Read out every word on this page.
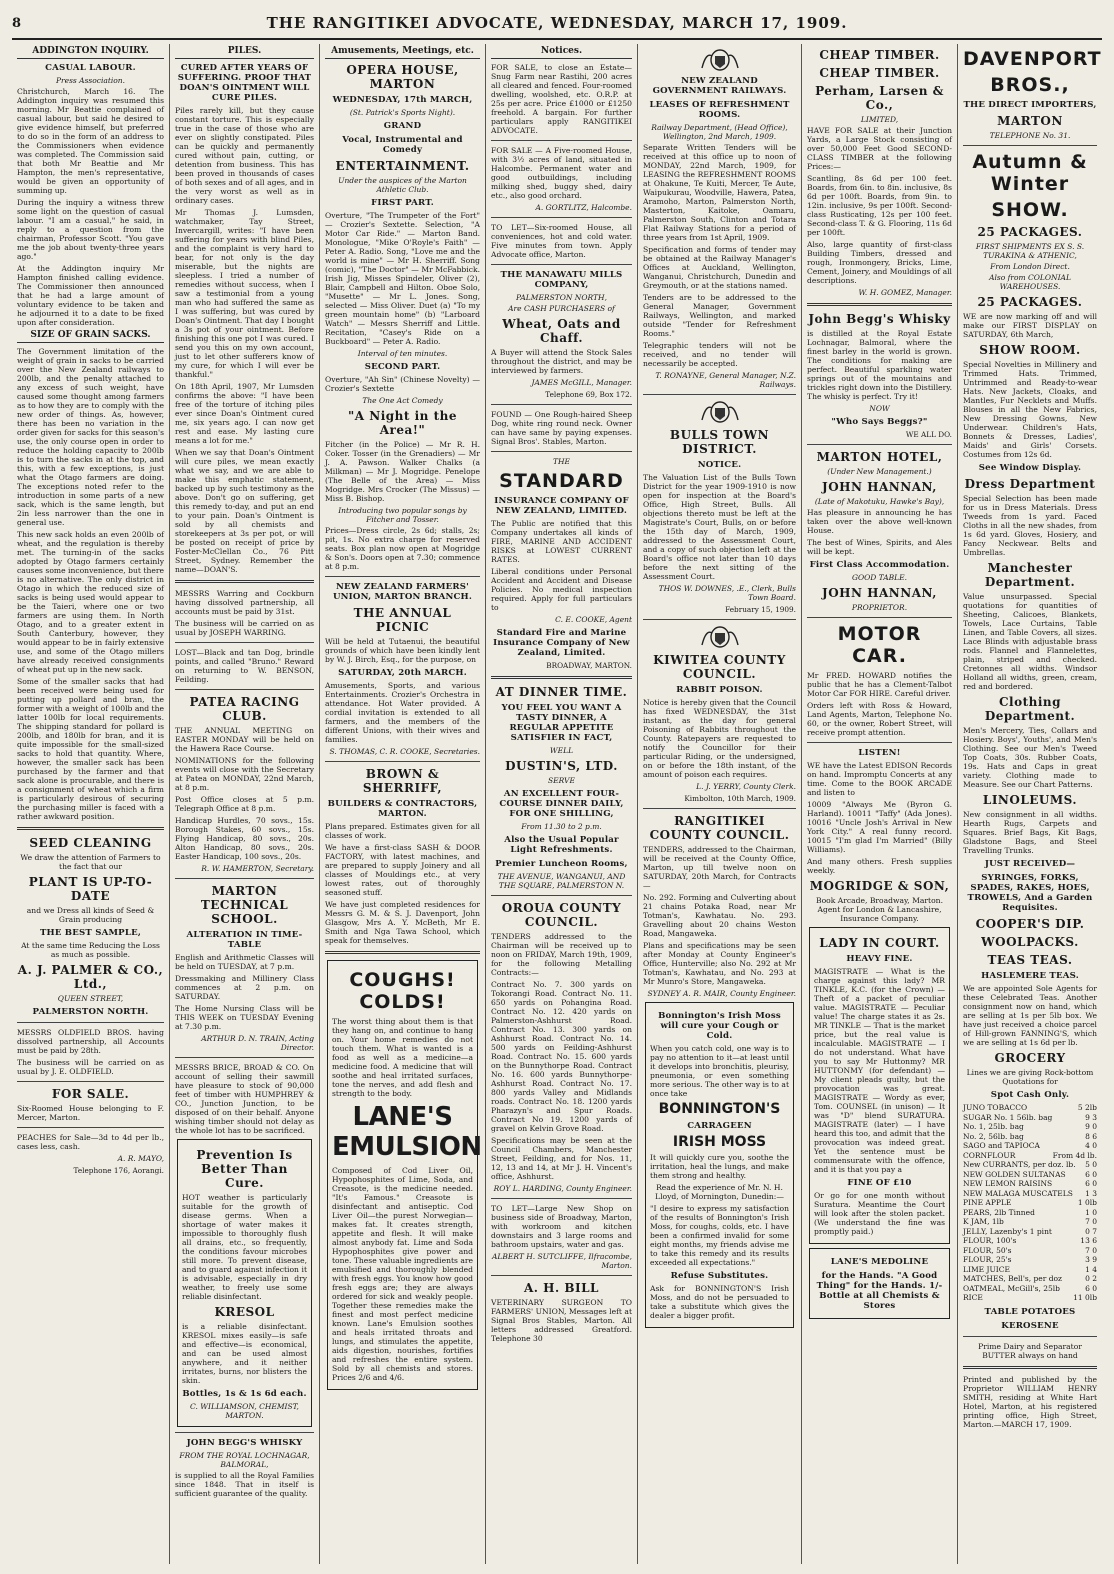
8	THE RANGITIKEI ADVOCATE, WEDNESDAY, MARCH 17, 1909.
ADDINGTON INQUIRY.
CASUAL LABOUR.
Press Association.

Christchurch, March 16. The Addington inquiry was resumed this morning. Mr Beattie complained of casual labour, but said he desired to give evidence himself, but preferred to do so in the form of an address to the Commissioners when evidence was completed. The Commission said that both Mr Beattie and Mr Hampton, the men's representative, would be given an opportunity of summing up.

During the inquiry a witness threw some light on the question of casual labour. "I am a casual," he said, in reply to a question from the chairman, Professor Scott. "You gave me the job about twenty-three years ago."

At the Addington inquiry Mr Hampton finished calling evidence. The Commissioner then announced that he had a large amount of voluntary evidence to be taken and he adjourned it to a date to be fixed upon after consideration.

SIZE OF GRAIN SACKS.

The Government limitation of the weight of grain in sacks to be carried over the New Zealand railways to 200lb, and the penalty attached to any excess of such weight, have caused some thought among farmers as to how they are to comply with the new order of things. As, however, there has been no variation in the order given for sacks for this season's use, the only course open in order to reduce the holding capacity to 200lb is to turn the sacks in at the top, and this, with a few exceptions, is just what the Otago farmers are doing. The exceptions noted refer to the introduction in some parts of a new sack, which is the same length, but 2in less narrower than the one in general use.

This new sack holds an even 200lb of wheat, and the regulation is thereby met. The turning-in of the sacks adopted by Otago farmers certainly causes some inconvenience, but there is no alternative. The only district in Otago in which the reduced size of sacks is being used would appear to be the Taieri, where one or two farmers are using them. In North Otago, and to a greater extent in South Canterbury, however, they would appear to be in fairly extensive use, and some of the Otago millers have already received consignments of wheat put up in the new sack.

Some of the smaller sacks that had been received were being used for putting up pollard and bran, the former with a weight of 100lb and the latter 100lb for local requirements. The shipping standard for pollard is 200lb, and 180lb for bran, and it is quite impossible for the small-sized sacks to hold that quantity. Where, however, the smaller sack has been purchased by the farmer and that sack alone is procurable, and there is a consignment of wheat which a firm is particularly desirous of securing the purchasing miller is faced with a rather awkward position.

SEED CLEANING

We draw the attention of Farmers to the fact that our

PLANT IS UP-TO-DATE

and we Dress all kinds of Seed & Grain producing

THE BEST SAMPLE,

At the same time Reducing the Loss as much as possible.

A. J. PALMER & CO., Ltd.,
QUEEN STREET,
PALMERSTON NORTH.

MESSRS OLDFIELD BROS. having dissolved partnership, all Accounts must be paid by 28th.

The business will be carried on as usual by J. E. OLDFIELD.

FOR SALE.

Six-Roomed House belonging to F. Mercer, Marton.

PEACHES for Sale—3d to 4d per lb., cases less, cash.

A. R. MAYO,
Telephone 176, Aorangi.
PILES.
CURED AFTER YEARS OF SUFFERING. PROOF THAT DOAN'S OINTMENT WILL CURE PILES.

Piles rarely kill, but they cause constant torture. This is especially true in the case of those who are ever on slightly constipated. Piles can be quickly and permanently cured without pain, cutting, or detention from business. This has been proved in thousands of cases of both sexes and of all ages, and in the very worst as well as in ordinary cases.

Mr Thomas J. Lumsden, watchmaker, Tay Street, Invercargill, writes: "I have been suffering for years with blind Piles, and the complaint is very hard to bear, for not only is the day miserable, but the nights are sleepless. I tried a number of remedies without success, when I saw a testimonial from a young man who had suffered the same as I was suffering, but was cured by Doan's Ointment. That day I bought a 3s pot of your ointment. Before finishing this one pot I was cured. I send you this on my own account, just to let other sufferers know of my cure, for which I will ever be thankful."

On 18th April, 1907, Mr Lumsden confirms the above: "I have been free of the torture of itching piles ever since Doan's Ointment cured me, six years ago. I can now get rest and ease. My lasting cure means a lot for me."

When we say that Doan's Ointment will cure piles, we mean exactly what we say, and we are able to make this emphatic statement, backed up by such testimony as the above. Don't go on suffering, get this remedy to-day, and put an end to your pain. Doan's Ointment is sold by all chemists and storekeepers at 3s per pot, or will be posted on receipt of price by Foster-McClellan Co., 76 Pitt Street, Sydney. Remember the name—DOAN'S.

MESSRS Warring and Cockburn having dissolved partnership, all accounts must be paid by 31st.

The business will be carried on as usual by JOSEPH WARRING.

LOST—Black and tan Dog, brindle points, and called "Bruno." Reward on returning to W. BENSON, Feilding.

PATEA RACING CLUB.

THE ANNUAL MEETING on EASTER MONDAY will be held on the Hawera Race Course.

NOMINATIONS for the following events will close with the Secretary at Patea on MONDAY, 22nd March, at 8 p.m.

Post Office closes at 5 p.m. Telegraph Office at 8 p.m.

Handicap Hurdles, 70 sovs., 15s. Borough Stakes, 60 sovs., 15s. Flying Handicap, 80 sovs., 20s. Alton Handicap, 80 sovs., 20s. Easter Handicap, 100 sovs., 20s.

R. W. HAMERTON, Secretary.
MARTON TECHNICAL SCHOOL.
ALTERATION IN TIME-TABLE

English and Arithmetic Classes will be held on TUESDAY, at 7 p.m.

Dressmaking and Millinery Class commences at 2 p.m. on SATURDAY.

The Home Nursing Class will be THIS WEEK on TUESDAY Evening at 7.30 p.m.

ARTHUR D. N. TRAIN, Acting Director.

MESSRS BRICE, BROAD & CO. On account of selling their sawmill have pleasure to stock of 90,000 feet of timber with HUMPHREY & CO., Junction Junction, to be disposed of on their behalf. Anyone wishing timber should not delay as the whole lot has to be sacrificed.

Prevention Is Better Than Cure.

HOT weather is particularly suitable for the growth of disease germs. When a shortage of water makes it impossible to thoroughly flush all drains, etc., so frequently, the conditions favour microbes still more. To prevent disease, and to guard against infection it is advisable, especially in dry weather, to freely use some reliable disinfectant.

KRESOL

is a reliable disinfectant. KRESOL mixes easily—is safe and effective—is economical, and can be used almost anywhere, and it neither irritates, burns, nor blisters the skin.

Bottles, 1s & 1s 6d each.
C. WILLIAMSON, CHEMIST, MARTON.
JOHN BEGG'S WHISKY
FROM THE ROYAL LOCHNAGAR, BALMORAL,

is supplied to all the Royal Families since 1848. That in itself is sufficient guarantee of the quality.

Amusements, Meetings, etc.
OPERA HOUSE, MARTON
WEDNESDAY, 17th MARCH,
(St. Patrick's Sports Night).
GRAND
Vocal, Instrumental and Comedy
ENTERTAINMENT.
Under the auspices of the Marton Athletic Club.
FIRST PART.

Overture, "The Trumpeter of the Fort" — Crozier's Sextette. Selection, "A Motor Car Ride." — Marton Band. Monologue, "Mike O'Royle's Faith" — Peter A. Radio. Song, "Love me and the world is mine" — Mr H. Sherriff. Song (comic), "The Doctor" — Mr McFabbick. Irish Jig, Misses Spindeler, Oliver (2), Blair, Campbell and Hilton. Oboe Solo, "Musette" — Mr L. Jones. Song, selected — Miss Oliver. Duet (a) "To my green mountain home" (b) "Larboard Watch" — Messrs Sherriff and Little. Recitation, "Casey's Ride on a Buckboard" — Peter A. Radio.

Interval of ten minutes.
SECOND PART.

Overture, "Ah Sin" (Chinese Novelty) — Crozier's Sextette

The One Act Comedy
"A Night in the Area!"

Fitcher (in the Police) — Mr R. H. Coker. Tosser (in the Grenadiers) — Mr J. A. Pawson. Walker Chalks (a Milkman) — Mr J. Mogridge. Penelope (The Belle of the Area) — Miss Mogridge. Mrs Crocker (The Missus) — Miss B. Bishop.

Introducing two popular songs by Fitcher and Tosser.

Prices—Dress circle, 2s 6d; stalls, 2s; pit, 1s. No extra charge for reserved seats. Box plan now open at Mogridge & Son's. Doors open at 7.30; commence at 8 p.m.

NEW ZEALAND FARMERS' UNION, MARTON BRANCH.
THE ANNUAL PICNIC

Will be held at Tutaenui, the beautiful grounds of which have been kindly lent by W. J. Birch, Esq., for the purpose, on

SATURDAY, 20th MARCH.

Amusements, Sports, and various Entertainments. Crozier's Orchestra in attendance. Hot Water provided. A cordial invitation is extended to all farmers, and the members of the different Unions, with their wives and families.

S. THOMAS, C. R. COOKE, Secretaries.
BROWN & SHERRIFF,
BUILDERS & CONTRACTORS, MARTON.

Plans prepared. Estimates given for all classes of work.

We have a first-class SASH & DOOR FACTORY, with latest machines, and are prepared to supply Joinery and all classes of Mouldings etc., at very lowest rates, out of thoroughly seasoned stuff.

We have just completed residences for Messrs G. M. & S. J. Davenport, John Glasgow, Mrs A. Y. McBeth, Mr E. Smith and Nga Tawa School, which speak for themselves.

COUGHS! COLDS!

The worst thing about them is that they hang on, and continue to hang on. Your home remedies do not touch them. What is wanted is a food as well as a medicine—a medicine food. A medicine that will soothe and heal irritated surfaces, tone the nerves, and add flesh and strength to the body.

LANE'S EMULSION

Composed of Cod Liver Oil, Hypophosphites of Lime, Soda, and Creasote, is the medicine needed. "It's Famous." Creasote is disinfectant and antiseptic. Cod Liver Oil—the purest Norwegian—makes fat. It creates strength, appetite and flesh. It will make almost anybody fat. Lime and Soda Hypophosphites give power and tone. These valuable ingredients are emulsified and thoroughly blended with fresh eggs. You know how good fresh eggs are; they are always ordered for sick and weakly people. Together these remedies make the finest and most perfect medicine known. Lane's Emulsion soothes and heals irritated throats and lungs, and stimulates the appetite, aids digestion, nourishes, fortifies and refreshes the entire system. Sold by all chemists and stores. Prices 2/6 and 4/6.

Notices.

FOR SALE, to close an Estate—Snug Farm near Rastihi, 200 acres all cleared and fenced. Four-roomed dwelling, woolshed, etc. O.R.P. at 25s per acre. Price £1000 or £1250 freehold. A bargain. For further particulars apply RANGITIKEI ADVOCATE.

FOR SALE — A Five-roomed House, with 3½ acres of land, situated in Halcombe. Permanent water and good outbuildings, including milking shed, buggy shed, dairy etc., also good orchard.

A. GORTLITZ, Halcombe.

TO LET—Six-roomed House, all conveniences, hot and cold water. Five minutes from town. Apply Advocate office, Marton.

THE MANAWATU MILLS COMPANY,
PALMERSTON NORTH,
Are CASH PURCHASERS of
Wheat, Oats and Chaff.

A Buyer will attend the Stock Sales throughout the district, and may be interviewed by farmers.

JAMES McGILL, Manager.
Telephone 69, Box 172.

FOUND — One Rough-haired Sheep Dog, white ring round neck. Owner can have same by paying expenses. Signal Bros'. Stables, Marton.

THE
STANDARD
INSURANCE COMPANY OF NEW ZEALAND, LIMITED.

The Public are notified that this Company undertakes all kinds of FIRE, MARINE AND ACCIDENT RISKS at LOWEST CURRENT RATES.

Liberal conditions under Personal Accident and Accident and Disease Policies. No medical inspection required. Apply for full particulars to

C. E. COOKE, Agent
Standard Fire and Marine Insurance Company of New Zealand, Limited.
BROADWAY, MARTON.
AT DINNER TIME.
YOU FEEL YOU WANT A TASTY DINNER, A REGULAR APPETITE SATISFIER IN FACT,
WELL
DUSTIN'S, LTD.
SERVE
AN EXCELLENT FOUR-COURSE DINNER DAILY, FOR ONE SHILLING,
From 11.30 to 2 p.m.
Also the Usual Popular Light Refreshments.
Premier Luncheon Rooms,
THE AVENUE, WANGANUI, AND THE SQUARE, PALMERSTON N.
OROUA COUNTY COUNCIL.

TENDERS addressed to the Chairman will be received up to noon on FRIDAY, March 19th, 1909, for the following Metalling Contracts:—

Contract No. 7. 300 yards on Tokorangi Road. Contract No. 11. 650 yards on Pohangina Road. Contract No. 12. 420 yards on Palmerston-Ashhurst Road. Contract No. 13. 300 yards on Ashhurst Road. Contract No. 14. 500 yards on Feilding-Ashhurst Road. Contract No. 15. 600 yards on the Bunnythorpe Road. Contract No. 16. 600 yards Bunnythorpe-Ashhurst Road. Contract No. 17. 800 yards Valley and Midlands roads. Contract No. 18. 1200 yards Pharazyn's and Spur Roads. Contract No 19. 1200 yards of gravel on Kelvin Grove Road.

Specifications may be seen at the Council Chambers, Manchester Street, Feilding, and for Nos. 11, 12, 13 and 14, at Mr J. H. Vincent's office, Ashhurst.

ROY L. HARDING, County Engineer.

TO LET—Large New Shop on business side of Broadway, Marton, with workroom and kitchen downstairs and 3 large rooms and bathroom upstairs, water and gas.

ALBERT H. SUTCLIFFE, Ilfracombe, Marton.
A. H. BILL

VETERINARY SURGEON TO FARMERS' UNION, Messages left at Signal Bros Stables, Marton. All letters addressed Greatford. Telephone 30

NEW ZEALAND GOVERNMENT RAILWAYS.
LEASES OF REFRESHMENT ROOMS.
Railway Department, (Head Office), Wellington, 2nd March, 1909.

Separate Written Tenders will be received at this office up to noon of MONDAY, 22nd March, 1909, for LEASING the REFRESHMENT ROOMS at Ohakune, Te Kuiti, Mercer, Te Aute, Waipukurau, Woodville, Hawera, Patea, Aramoho, Marton, Palmerston North, Masterton, Kaitoke, Oamaru, Palmerston South, Clinton and Totara Flat Railway Stations for a period of three years from 1st April, 1909.

Specification and forms of tender may be obtained at the Railway Manager's Offices at Auckland, Wellington, Wanganui, Christchurch, Dunedin and Greymouth, or at the stations named.

Tenders are to be addressed to the General Manager, Government Railways, Wellington, and marked outside "Tender for Refreshment Rooms."

Telegraphic tenders will not be received, and no tender will necessarily be accepted.

T. RONAYNE, General Manager, N.Z. Railways.
BULLS TOWN DISTRICT.
NOTICE.

The Valuation List of the Bulls Town District for the year 1909-1910 is now open for inspection at the Board's Office, High Street, Bulls. All objections thereto must be left at the Magistrate's Court, Bulls, on or before the 15th day of March, 1909, addressed to the Assessment Court, and a copy of such objection left at the Board's office not later than 10 days before the next sitting of the Assessment Court.

THOS W. DOWNES, .E., Clerk, Bulls Town Board.
February 15, 1909.
KIWITEA COUNTY COUNCIL.
RABBIT POISON.

Notice is hereby given that the Council has fixed WEDNESDAY, the 31st instant, as the day for general Poisoning of Rabbits throughout the County. Ratepayers are requested to notify the Councillor for their particular Riding, or the undersigned, on or before the 18th instant, of the amount of poison each requires.

L. J. YERRY, County Clerk.
Kimbolton, 10th March, 1909.
RANGITIKEI COUNTY COUNCIL.

TENDERS, addressed to the Chairman, will be received at the County Office, Marton, up till twelve noon on SATURDAY, 20th March, for Contracts—

No. 292. Forming and Culverting about 21 chains Potaka Road, near Mr Totman's, Kawhatau. No. 293. Gravelling about 20 chains Weston Road, Mangaweka.

Plans and specifications may be seen after Monday at County Engineer's Office, Hunterville; also No. 292 at Mr Totman's, Kawhatau, and No. 293 at Mr Munro's Store, Mangaweka.

SYDNEY A. R. MAIR, County Engineer.
Bonnington's Irish Moss will cure your Cough or Cold.

When you catch cold, one way is to pay no attention to it—at least until it develops into bronchitis, pleurisy, pneumonia, or even something more serious. The other way is to at once take

BONNINGTON'S
CARRAGEEN
IRISH MOSS

It will quickly cure you, soothe the irritation, heal the lungs, and make them strong and healthy.

Read the experience of Mr. N. H. Lloyd, of Mornington, Dunedin:—

"I desire to express my satisfaction of the results of Bonnington's Irish Moss, for coughs, colds, etc. I have been a confirmed invalid for some eight months, my friends advise me to take this remedy and its results exceeded all expectations."

Refuse Substitutes.

Ask for BONNINGTON'S Irish Moss, and do not be persuaded to take a substitute which gives the dealer a bigger profit.

CHEAP TIMBER.
CHEAP TIMBER.
Perham, Larsen & Co.,
LIMITED,

HAVE FOR SALE at their Junction Yards, a Large Stock consisting of over 50,000 Feet Good SECOND-CLASS TIMBER at the following Prices:—

Scantling, 8s 6d per 100 feet. Boards, from 6in. to 8in. inclusive, 8s 6d per 100ft. Boards, from 9in. to 12in. inclusive, 9s per 100ft. Second-class Rusticating, 12s per 100 feet. Second-class T. & G. Flooring, 11s 6d per 100ft.

Also, large quantity of first-class Building Timbers, dressed and rough, Ironmongery, Bricks, Lime, Cement, Joinery, and Mouldings of all descriptions.

W. H. GOMEZ, Manager.
John Begg's Whisky

is distilled at the Royal Estate Lochnagar, Balmoral, where the finest barley in the world is grown. The conditions for making are perfect. Beautiful sparkling water springs out of the mountains and trickles right down into the Distillery. The whisky is perfect. Try it!

NOW
"Who Says Beggs?"
WE ALL DO.
MARTON HOTEL,
(Under New Management.)
JOHN HANNAN,
(Late of Makotuku, Hawke's Bay),

Has pleasure in announcing he has taken over the above well-known House.

The best of Wines, Spirits, and Ales will be kept.

First Class Accommodation.
GOOD TABLE.
JOHN HANNAN,
PROPRIETOR.
MOTOR CAR.

Mr FRED. HOWARD notifies the public that he has a Clement-Talbot Motor Car FOR HIRE. Careful driver.

Orders left with Ross & Howard, Land Agents, Marton, Telephone No. 60, or the owner, Robert Street, will receive prompt attention.

LISTEN!

WE have the Latest EDISON Records on hand. Impromptu Concerts at any time. Come to the BOOK ARCADE and listen to

10009 "Always Me (Byron G. Harland). 10011 "Taffy" (Ada Jones). 10016 "Uncle Josh's Arrival in New York City." A real funny record. 10015 "I'm glad I'm Married" (Billy Williams).

And many others. Fresh supplies weekly.

MOGRIDGE & SON,

Book Arcade, Broadway, Marton. Agent for London & Lancashire, Insurance Company.

LADY IN COURT.
HEAVY FINE.

MAGISTRATE — What is the charge against this lady? MR TINKLE, K.C. (for the Crown) — Theft of a packet of peculiar value. MAGISTRATE — Peculiar value! The charge states it as 2s. MR TINKLE — That is the market price, but the real value is incalculable. MAGISTRATE — I do not understand. What have you to say Mr Huttonmy? MR HUTTONMY (for defendant) — My client pleads guilty, but the provocation was great. MAGISTRATE — Wordy as ever, Tom. COUNSEL (in unison) — It was "D" blend SURATURA. MAGISTRATE (later) — I have heard this too, and admit that the provocation was indeed great. Yet the sentence must be commensurate with the offence, and it is that you pay a

FINE OF £10

Or go for one month without Suratura. Meantime the Court will look after the stolen packet. (We understand the fine was promptly paid.)

LANE'S MEDOLINE
for the Hands. "A Good Thing" for the Hands. 1/- Bottle at all Chemists & Stores
DAVENPORT
BROS.,
THE DIRECT IMPORTERS,
MARTON
TELEPHONE No. 31.
Autumn & Winter
SHOW.
25 PACKAGES.
FIRST SHIPMENTS EX S. S. TURAKINA & ATHENIC,
From London Direct.
Also from COLONIAL WAREHOUSES.
25 PACKAGES.

WE are now marking off and will make our FIRST DISPLAY on SATURDAY, 6th March,

SHOW ROOM.

Special Novelties in Millinery and Trimmed Hats. Trimmed, Untrimmed and Ready-to-wear Hats. New Jackets, Cloaks, and Mantles, Fur Necklets and Muffs. Blouses in all the New Fabrics, New Dressing Gowns, New Underwear. Children's Hats, Bonnets & Dresses, Ladies', Maids' and Girls' Corsets. Costumes from 12s 6d.

See Window Display.
Dress Department

Special Selection has been made for us in Dress Materials. Dress Tweeds from 1s yard. Faced Cloths in all the new shades, from 1s 6d yard. Gloves, Hosiery, and Fancy Neckwear. Belts and Umbrellas.

Manchester Department.

Value unsurpassed. Special quotations for quantities of Sheeting, Calicoes, Blankets, Towels, Lace Curtains, Table Linen, and Table Covers, all sizes. Lace Blinds with adjustable brass rods. Flannel and Flannelettes, plain, striped and checked. Cretonnes all widths. Windsor Holland all widths, green, cream, red and bordered.

Clothing Department.

Men's Mercery, Ties, Collars and Hosiery. Boys', Youths', and Men's Clothing. See our Men's Tweed Top Coats, 30s. Rubber Coats, 19s. Hats and Caps in great variety. Clothing made to Measure. See our Chart Patterns.

LINOLEUMS.

New consignment in all widths. Hearth Rugs, Carpets and Squares. Brief Bags, Kit Bags, Gladstone Bags, and Steel Travelling Trunks.

JUST RECEIVED—
SYRINGES, FORKS, SPADES, RAKES, HOES, TROWELS, And a Garden Requisites.
COOPER'S DIP.
WOOLPACKS.
TEAS TEAS.
HASLEMERE TEAS.

We are appointed Sole Agents for these Celebrated Teas. Another consignment now on hand, which are selling at 1s per 5lb box. We have just received a choice parcel of Hill-grown FANNING'S, which we are selling at 1s 6d per lb.

GROCERY

Lines we are giving Rock-bottom Quotations for

Spot Cash Only.
JUNO TOBACCO	5 2lb
SUGAR No. 1 56lb. bag	9 3
No. 1, 25lb. bag	9 0
No. 2, 56lb. bag	8 6
SAGO and TAPIOCA	4 0
CORNFLOUR	From 4d lb.
New CURRANTS, per doz. lb. 5 0
NEW GOLDEN SULTANAS	6 0
NEW LEMON RAISINS	6 0
NEW MALAGA MUSCATELS 1 3
PINE APPLE	1 0lb
PEARS, 2lb Tinned	1 0
K JAM, 1lb	7 0
JELLY, Lazenby's 1 pint	0 7
FLOUR, 100's	13 6
FLOUR, 50's	7 0
FLOUR, 25's	3 9
LIME JUICE	1 4
MATCHES, Bell's, per doz	0 2
OATMEAL, McGill's, 25lb	6 0
RICE	11 0lb
TABLE POTATOES
KEROSENE

Prime Dairy and Separator BUTTER always on hand

Printed and published by the Proprietor WILLIAM HENRY SMITH, residing at White Hart Hotel, Marton, at his registered printing office, High Street, Marton.—MARCH 17, 1909.
